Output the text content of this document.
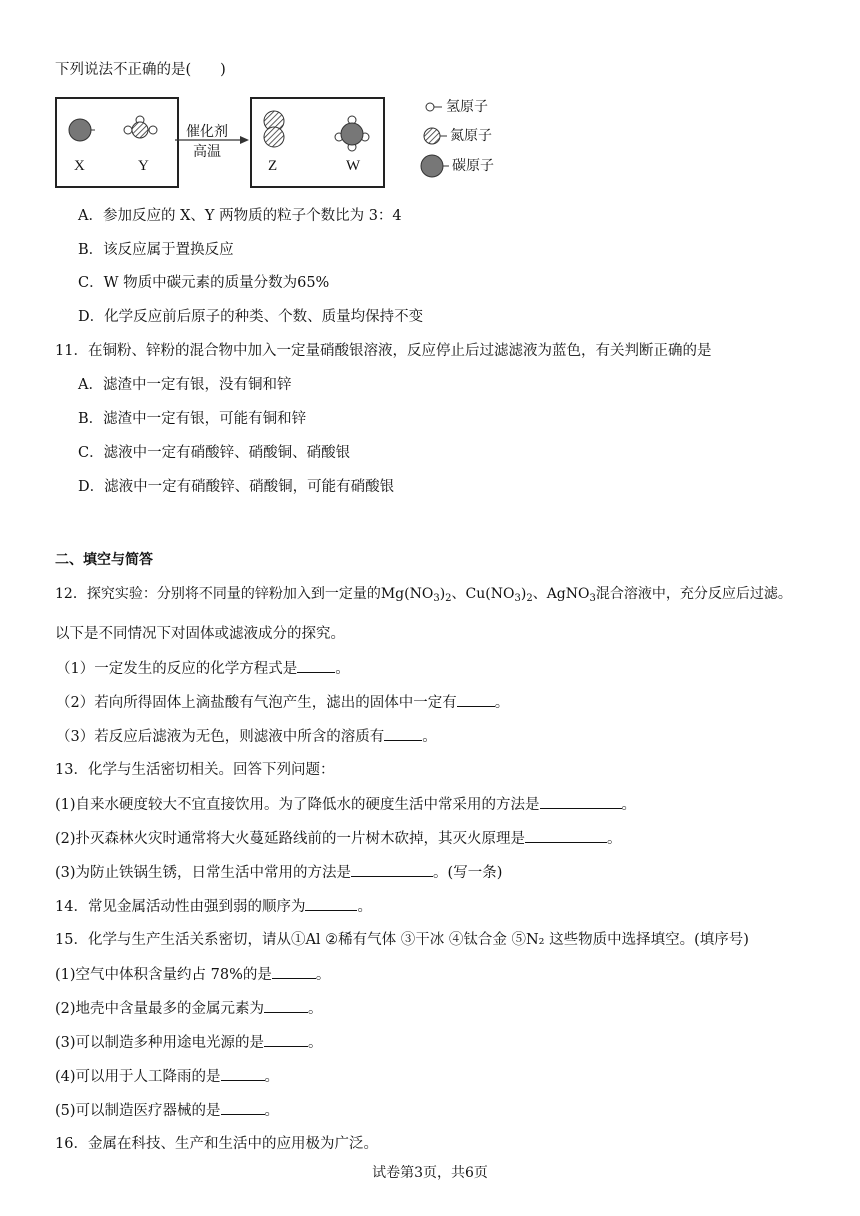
下列说法不正确的是(　　)
X	Y	Z	W
催化剂
高温
氢原子
氮原子
碳原子
A．参加反应的 X、Y 两物质的粒子个数比为 3：4
B．该反应属于置换反应
C．W 物质中碳元素的质量分数为65%
D．化学反应前后原子的种类、个数、质量均保持不变
11．在铜粉、锌粉的混合物中加入一定量硝酸银溶液，反应停止后过滤滤液为蓝色，有关判断正确的是
A．滤渣中一定有银，没有铜和锌
B．滤渣中一定有银，可能有铜和锌
C．滤液中一定有硝酸锌、硝酸铜、硝酸银
D．滤液中一定有硝酸锌、硝酸铜，可能有硝酸银
二、填空与简答
12．探究实验：分别将不同量的锌粉加入到一定量的$Mg(NO_3)_2$、$Cu(NO_3)_2$、AgNO$_3$混合溶液中，充分反应后过滤。
以下是不同情况下对固体或滤液成分的探究。
（1）一定发生的反应的化学方程式是	。
（2）若向所得固体上滴盐酸有气泡产生，滤出的固体中一定有	。
（3）若反应后滤液为无色，则滤液中所含的溶质有	。
13．化学与生活密切相关。回答下列问题：
(1)自来水硬度较大不宜直接饮用。为了降低水的硬度生活中常采用的方法是	。
(2)扑灭森林火灾时通常将大火蔓延路线前的一片树木砍掉，其灭火原理是	。
(3)为防止铁锅生锈，日常生活中常用的方法是	。(写一条)
14．常见金属活动性由强到弱的顺序为	。
15．化学与生产生活关系密切，请从①Al ②稀有气体 ③干冰 ④钛合金 ⑤N₂ 这些物质中选择填空。(填序号)
(1)空气中体积含量约占 78%的是	。
(2)地壳中含量最多的金属元素为	。
(3)可以制造多种用途电光源的是	。
(4)可以用于人工降雨的是	。
(5)可以制造医疗器械的是	。
16．金属在科技、生产和生活中的应用极为广泛。
试卷第3页，共6页
